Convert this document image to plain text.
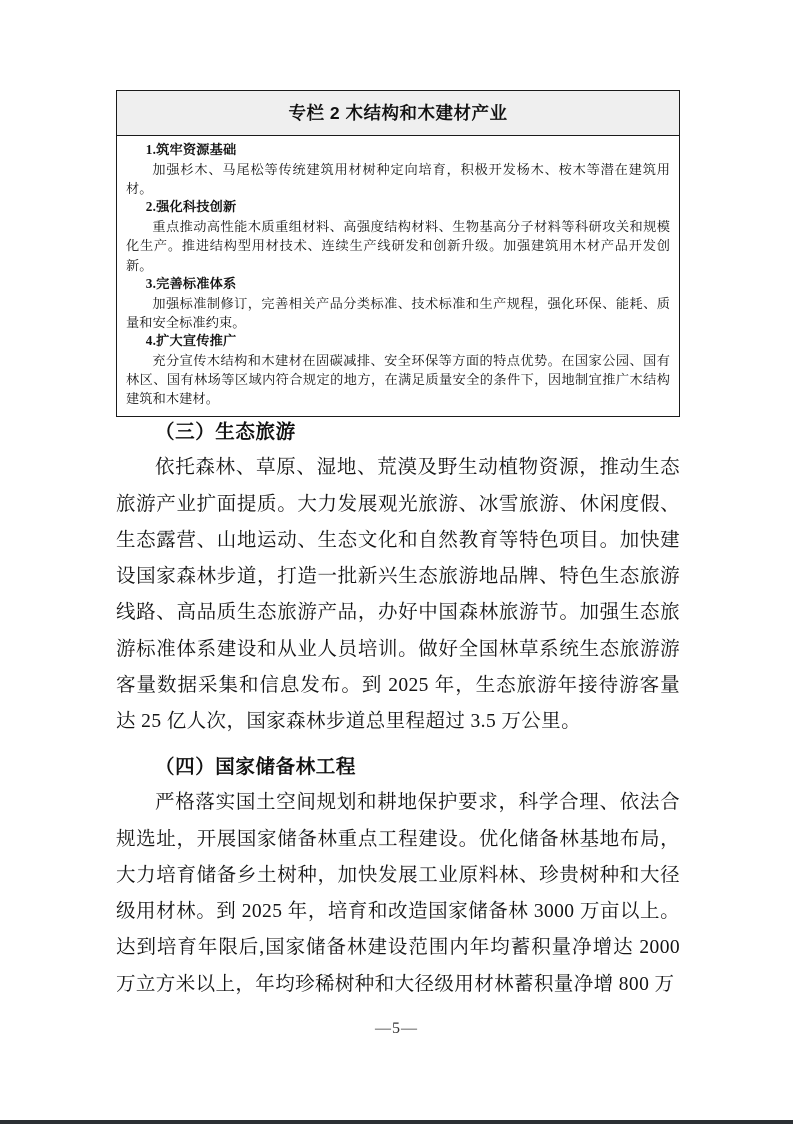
专栏 2 木结构和木建材产业

1.筑牢资源基础

加强杉木、马尾松等传统建筑用材树种定向培育，积极开发杨木、桉木等潜在建筑用材。

2.强化科技创新

重点推动高性能木质重组材料、高强度结构材料、生物基高分子材料等科研攻关和规模化生产。推进结构型用材技术、连续生产线研发和创新升级。加强建筑用木材产品开发创新。

3.完善标准体系

加强标准制修订，完善相关产品分类标准、技术标准和生产规程，强化环保、能耗、质量和安全标准约束。

4.扩大宣传推广

充分宣传木结构和木建材在固碳减排、安全环保等方面的特点优势。在国家公园、国有林区、国有林场等区域内符合规定的地方，在满足质量安全的条件下，因地制宜推广木结构建筑和木建材。

（三）生态旅游

依托森林、草原、湿地、荒漠及野生动植物资源，推动生态旅游产业扩面提质。大力发展观光旅游、冰雪旅游、休闲度假、生态露营、山地运动、生态文化和自然教育等特色项目。加快建设国家森林步道，打造一批新兴生态旅游地品牌、特色生态旅游线路、高品质生态旅游产品，办好中国森林旅游节。加强生态旅游标准体系建设和从业人员培训。做好全国林草系统生态旅游游客量数据采集和信息发布。到 2025 年，生态旅游年接待游客量达 25 亿人次，国家森林步道总里程超过 3.5 万公里。

（四）国家储备林工程

严格落实国土空间规划和耕地保护要求，科学合理、依法合规选址，开展国家储备林重点工程建设。优化储备林基地布局，大力培育储备乡土树种，加快发展工业原料林、珍贵树种和大径级用材林。到 2025 年，培育和改造国家储备林 3000 万亩以上。达到培育年限后,国家储备林建设范围内年均蓄积量净增达 2000 万立方米以上，年均珍稀树种和大径级用材林蓄积量净增 800 万

—5—
